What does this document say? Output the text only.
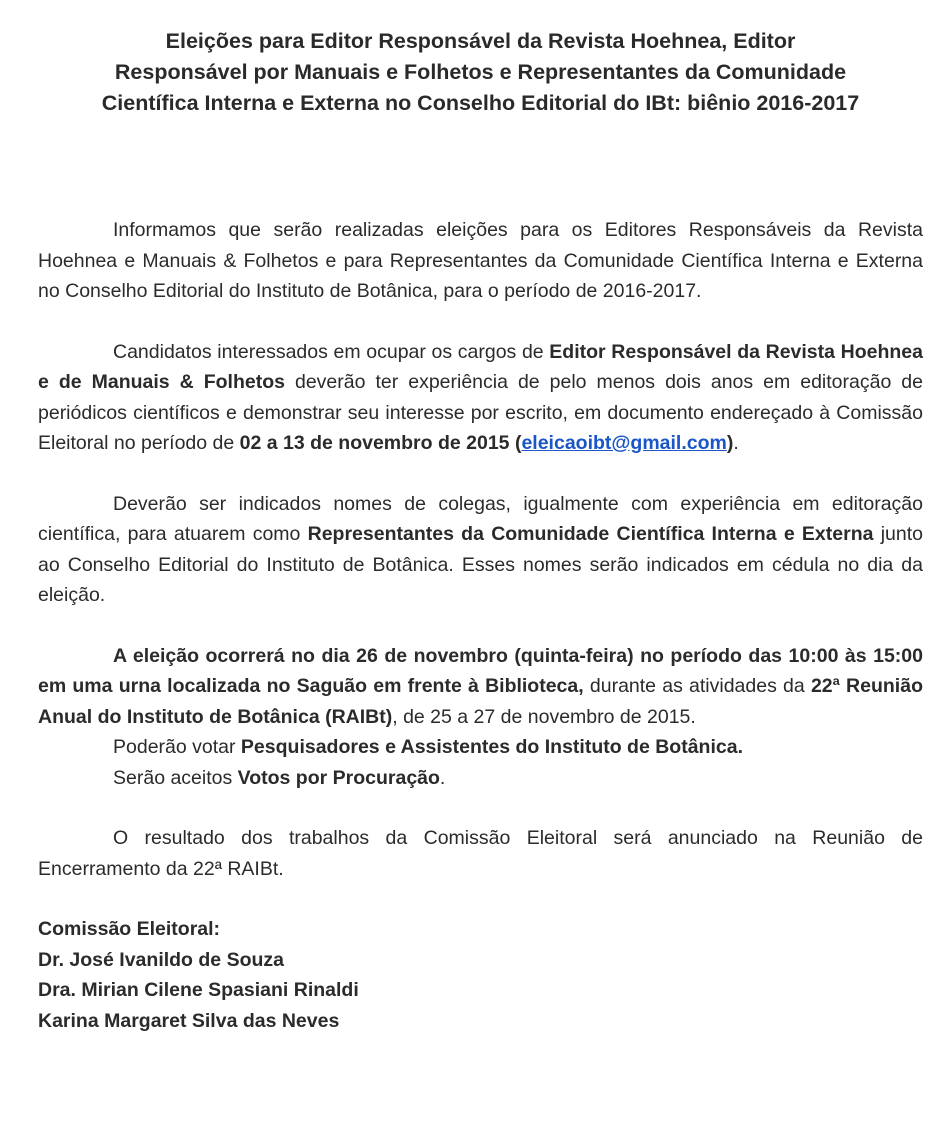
Eleições para Editor Responsável da Revista Hoehnea, Editor
Responsável por Manuais e Folhetos e Representantes da Comunidade
Científica Interna e Externa no Conselho Editorial do IBt: biênio 2016-2017

Informamos que serão realizadas eleições para os Editores Responsáveis da Revista Hoehnea e Manuais & Folhetos e para Representantes da Comunidade Científica Interna e Externa no Conselho Editorial do Instituto de Botânica, para o período de 2016-2017.

Candidatos interessados em ocupar os cargos de Editor Responsável da Revista Hoehnea e de Manuais & Folhetos deverão ter experiência de pelo menos dois anos em editoração de periódicos científicos e demonstrar seu interesse por escrito, em documento endereçado à Comissão Eleitoral no período de 02 a 13 de novembro de 2015 (eleicaoibt@gmail.com).

Deverão ser indicados nomes de colegas, igualmente com experiência em editoração científica, para atuarem como Representantes da Comunidade Científica Interna e Externa junto ao Conselho Editorial do Instituto de Botânica. Esses nomes serão indicados em cédula no dia da eleição.

A eleição ocorrerá no dia 26 de novembro (quinta-feira) no período das 10:00 às 15:00 em uma urna localizada no Saguão em frente à Biblioteca, durante as atividades da 22ª Reunião Anual do Instituto de Botânica (RAIBt), de 25 a 27 de novembro de 2015.

Poderão votar Pesquisadores e Assistentes do Instituto de Botânica.

Serão aceitos Votos por Procuração.

O resultado dos trabalhos da Comissão Eleitoral será anunciado na Reunião de Encerramento da 22ª RAIBt.

Comissão Eleitoral:
Dr. José Ivanildo de Souza
Dra. Mirian Cilene Spasiani Rinaldi
Karina Margaret Silva das Neves
